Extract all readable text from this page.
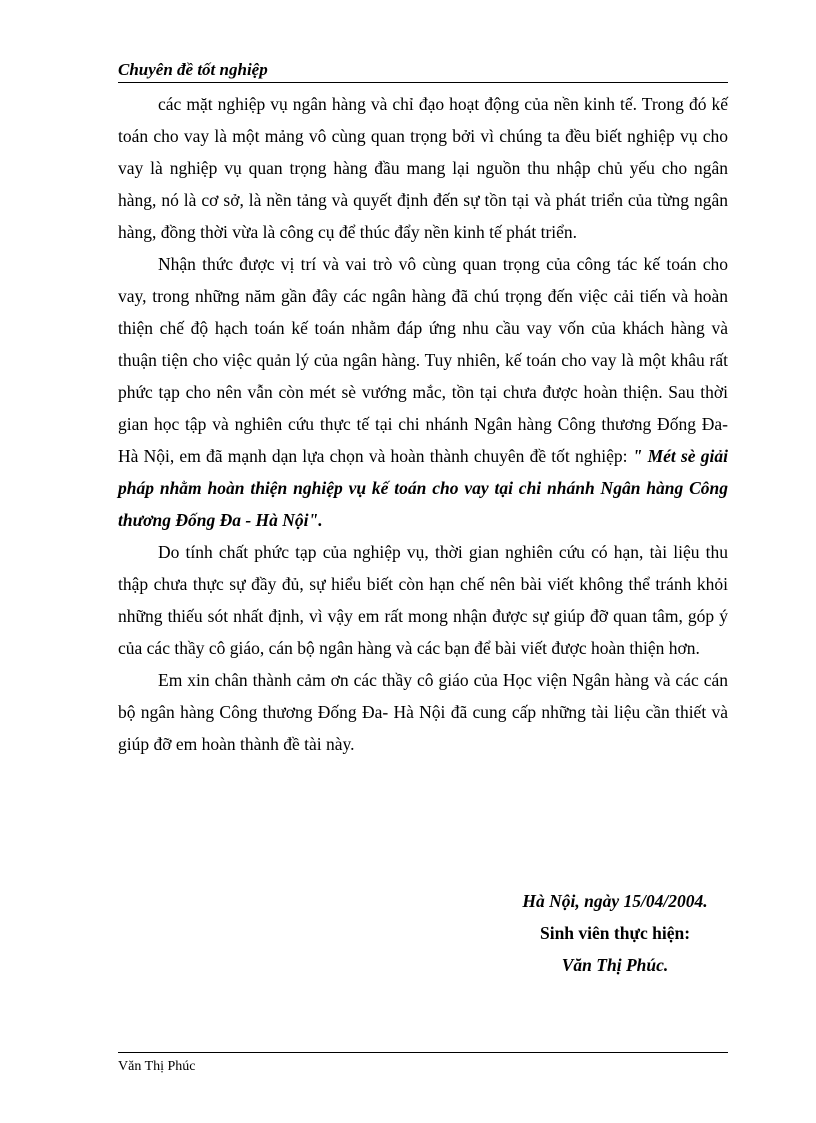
Chuyên đề tốt nghiệp

các mặt nghiệp vụ ngân hàng và chỉ đạo hoạt động của nền kinh tế. Trong đó kế toán cho vay là một mảng vô cùng quan trọng bởi vì chúng ta đều biết nghiệp vụ cho vay là nghiệp vụ quan trọng hàng đầu mang lại nguồn thu nhập chủ yếu cho ngân hàng, nó là cơ sở, là nền tảng và quyết định đến sự tồn tại và phát triển của từng ngân hàng, đồng thời vừa là công cụ để thúc đẩy nền kinh tế phát triển.

Nhận thức được vị trí và vai trò vô cùng quan trọng của công tác kế toán cho vay, trong những năm gần đây các ngân hàng đã chú trọng đến việc cải tiến và hoàn thiện chế độ hạch toán kế toán nhằm đáp ứng nhu cầu vay vốn của khách hàng và thuận tiện cho việc quản lý của ngân hàng. Tuy nhiên, kế toán cho vay là một khâu rất phức tạp cho nên vẫn còn mét sè vướng mắc, tồn tại chưa được hoàn thiện. Sau thời gian học tập và nghiên cứu thực tế tại chi nhánh Ngân hàng Công thương Đống Đa- Hà Nội, em đã mạnh dạn lựa chọn và hoàn thành chuyên đề tốt nghiệp: " Mét sè giải pháp nhằm hoàn thiện nghiệp vụ kế toán cho vay tại chi nhánh Ngân hàng Công thương Đống Đa - Hà Nội".

Do tính chất phức tạp của nghiệp vụ, thời gian nghiên cứu có hạn, tài liệu thu thập chưa thực sự đầy đủ, sự hiểu biết còn hạn chế nên bài viết không thể tránh khỏi những thiếu sót nhất định, vì vậy em rất mong nhận được sự giúp đỡ quan tâm, góp ý của các thầy cô giáo, cán bộ ngân hàng và các bạn để bài viết được hoàn thiện hơn.

Em xin chân thành cảm ơn các thầy cô giáo của Học viện Ngân hàng và các cán bộ ngân hàng Công thương Đống Đa- Hà Nội đã cung cấp những tài liệu cần thiết và giúp đỡ em hoàn thành đề tài này.

Hà Nội, ngày 15/04/2004.
Sinh viên thực hiện:
Văn Thị Phúc.
Văn Thị Phúc
